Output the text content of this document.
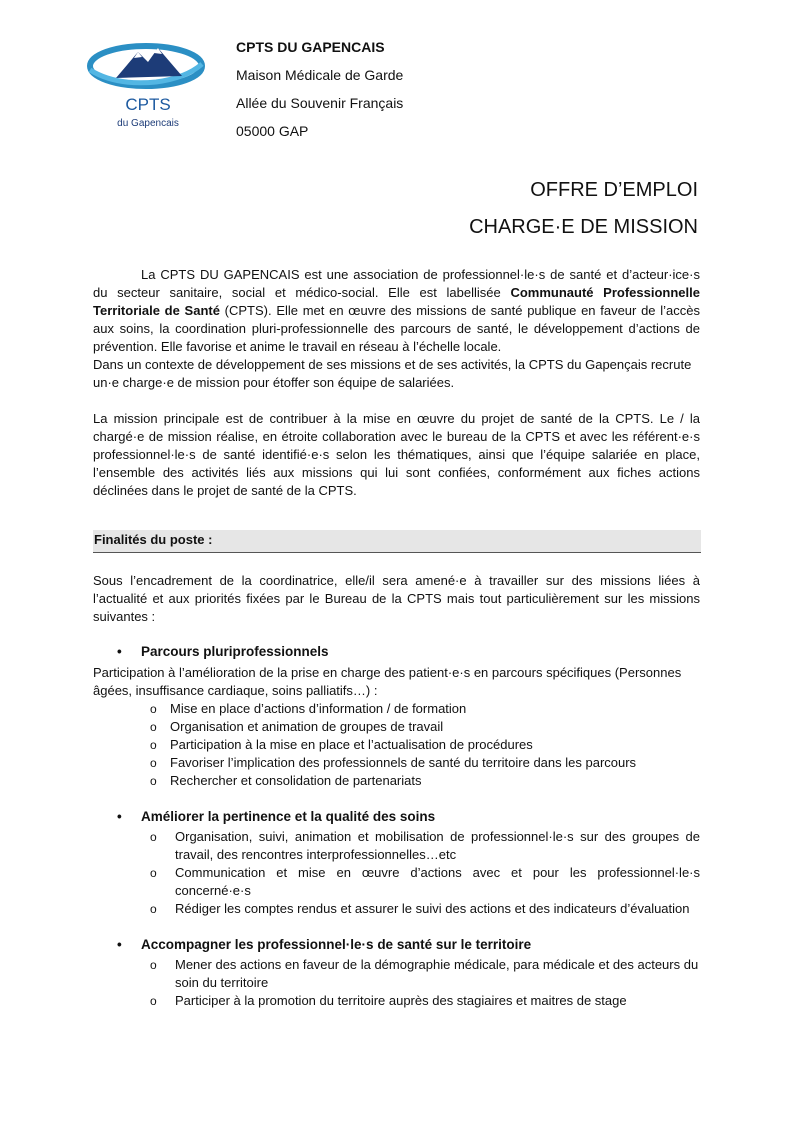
CPTS
du Gapencais
CPTS DU GAPENCAIS
Maison Médicale de Garde
Allée du Souvenir Français
05000 GAP
OFFRE D’EMPLOI
CHARGE·E DE MISSION
La CPTS DU GAPENCAIS est une association de professionnel·le·s de santé et d’acteur·ice·s du secteur sanitaire, social et médico-social. Elle est labellisée Communauté Professionnelle Territoriale de Santé (CPTS). Elle met en œuvre des missions de santé publique en faveur de l’accès aux soins, la coordination pluri-professionnelle des parcours de santé, le développement d’actions de prévention. Elle favorise et anime le travail en réseau à l’échelle locale.
Dans un contexte de développement de ses missions et de ses activités, la CPTS du Gapençais recrute un·e charge·e de mission pour étoffer son équipe de salariées.
La mission principale est de contribuer à la mise en œuvre du projet de santé de la CPTS. Le / la chargé·e de mission réalise, en étroite collaboration avec le bureau de la CPTS et avec les référent·e·s professionnel·le·s de santé identifié·e·s selon les thématiques, ainsi que l’équipe salariée en place, l’ensemble des activités liés aux missions qui lui sont confiées, conformément aux fiches actions déclinées dans le projet de santé de la CPTS.
Finalités du poste :
Sous l’encadrement de la coordinatrice, elle/il sera amené·e à travailler sur des missions liées à l’actualité et aux priorités fixées par le Bureau de la CPTS mais tout particulièrement sur les missions suivantes :
• Parcours pluriprofessionnels
Participation à l’amélioration de la prise en charge des patient·e·s en parcours spécifiques (Personnes âgées, insuffisance cardiaque, soins palliatifs…) :
o Mise en place d’actions d’information / de formation
o Organisation et animation de groupes de travail
o Participation à la mise en place et l’actualisation de procédures
o Favoriser l’implication des professionnels de santé du territoire dans les parcours
o Rechercher et consolidation de partenariats
• Améliorer la pertinence et la qualité des soins
o Organisation, suivi, animation et mobilisation de professionnel·le·s sur des groupes de travail, des rencontres interprofessionnelles…etc
o Communication et mise en œuvre d’actions avec et pour les professionnel·le·s concerné·e·s
o Rédiger les comptes rendus et assurer le suivi des actions et des indicateurs d’évaluation
• Accompagner les professionnel·le·s de santé sur le territoire
o Mener des actions en faveur de la démographie médicale, para médicale et des acteurs du soin du territoire
o Participer à la promotion du territoire auprès des stagiaires et maitres de stage
